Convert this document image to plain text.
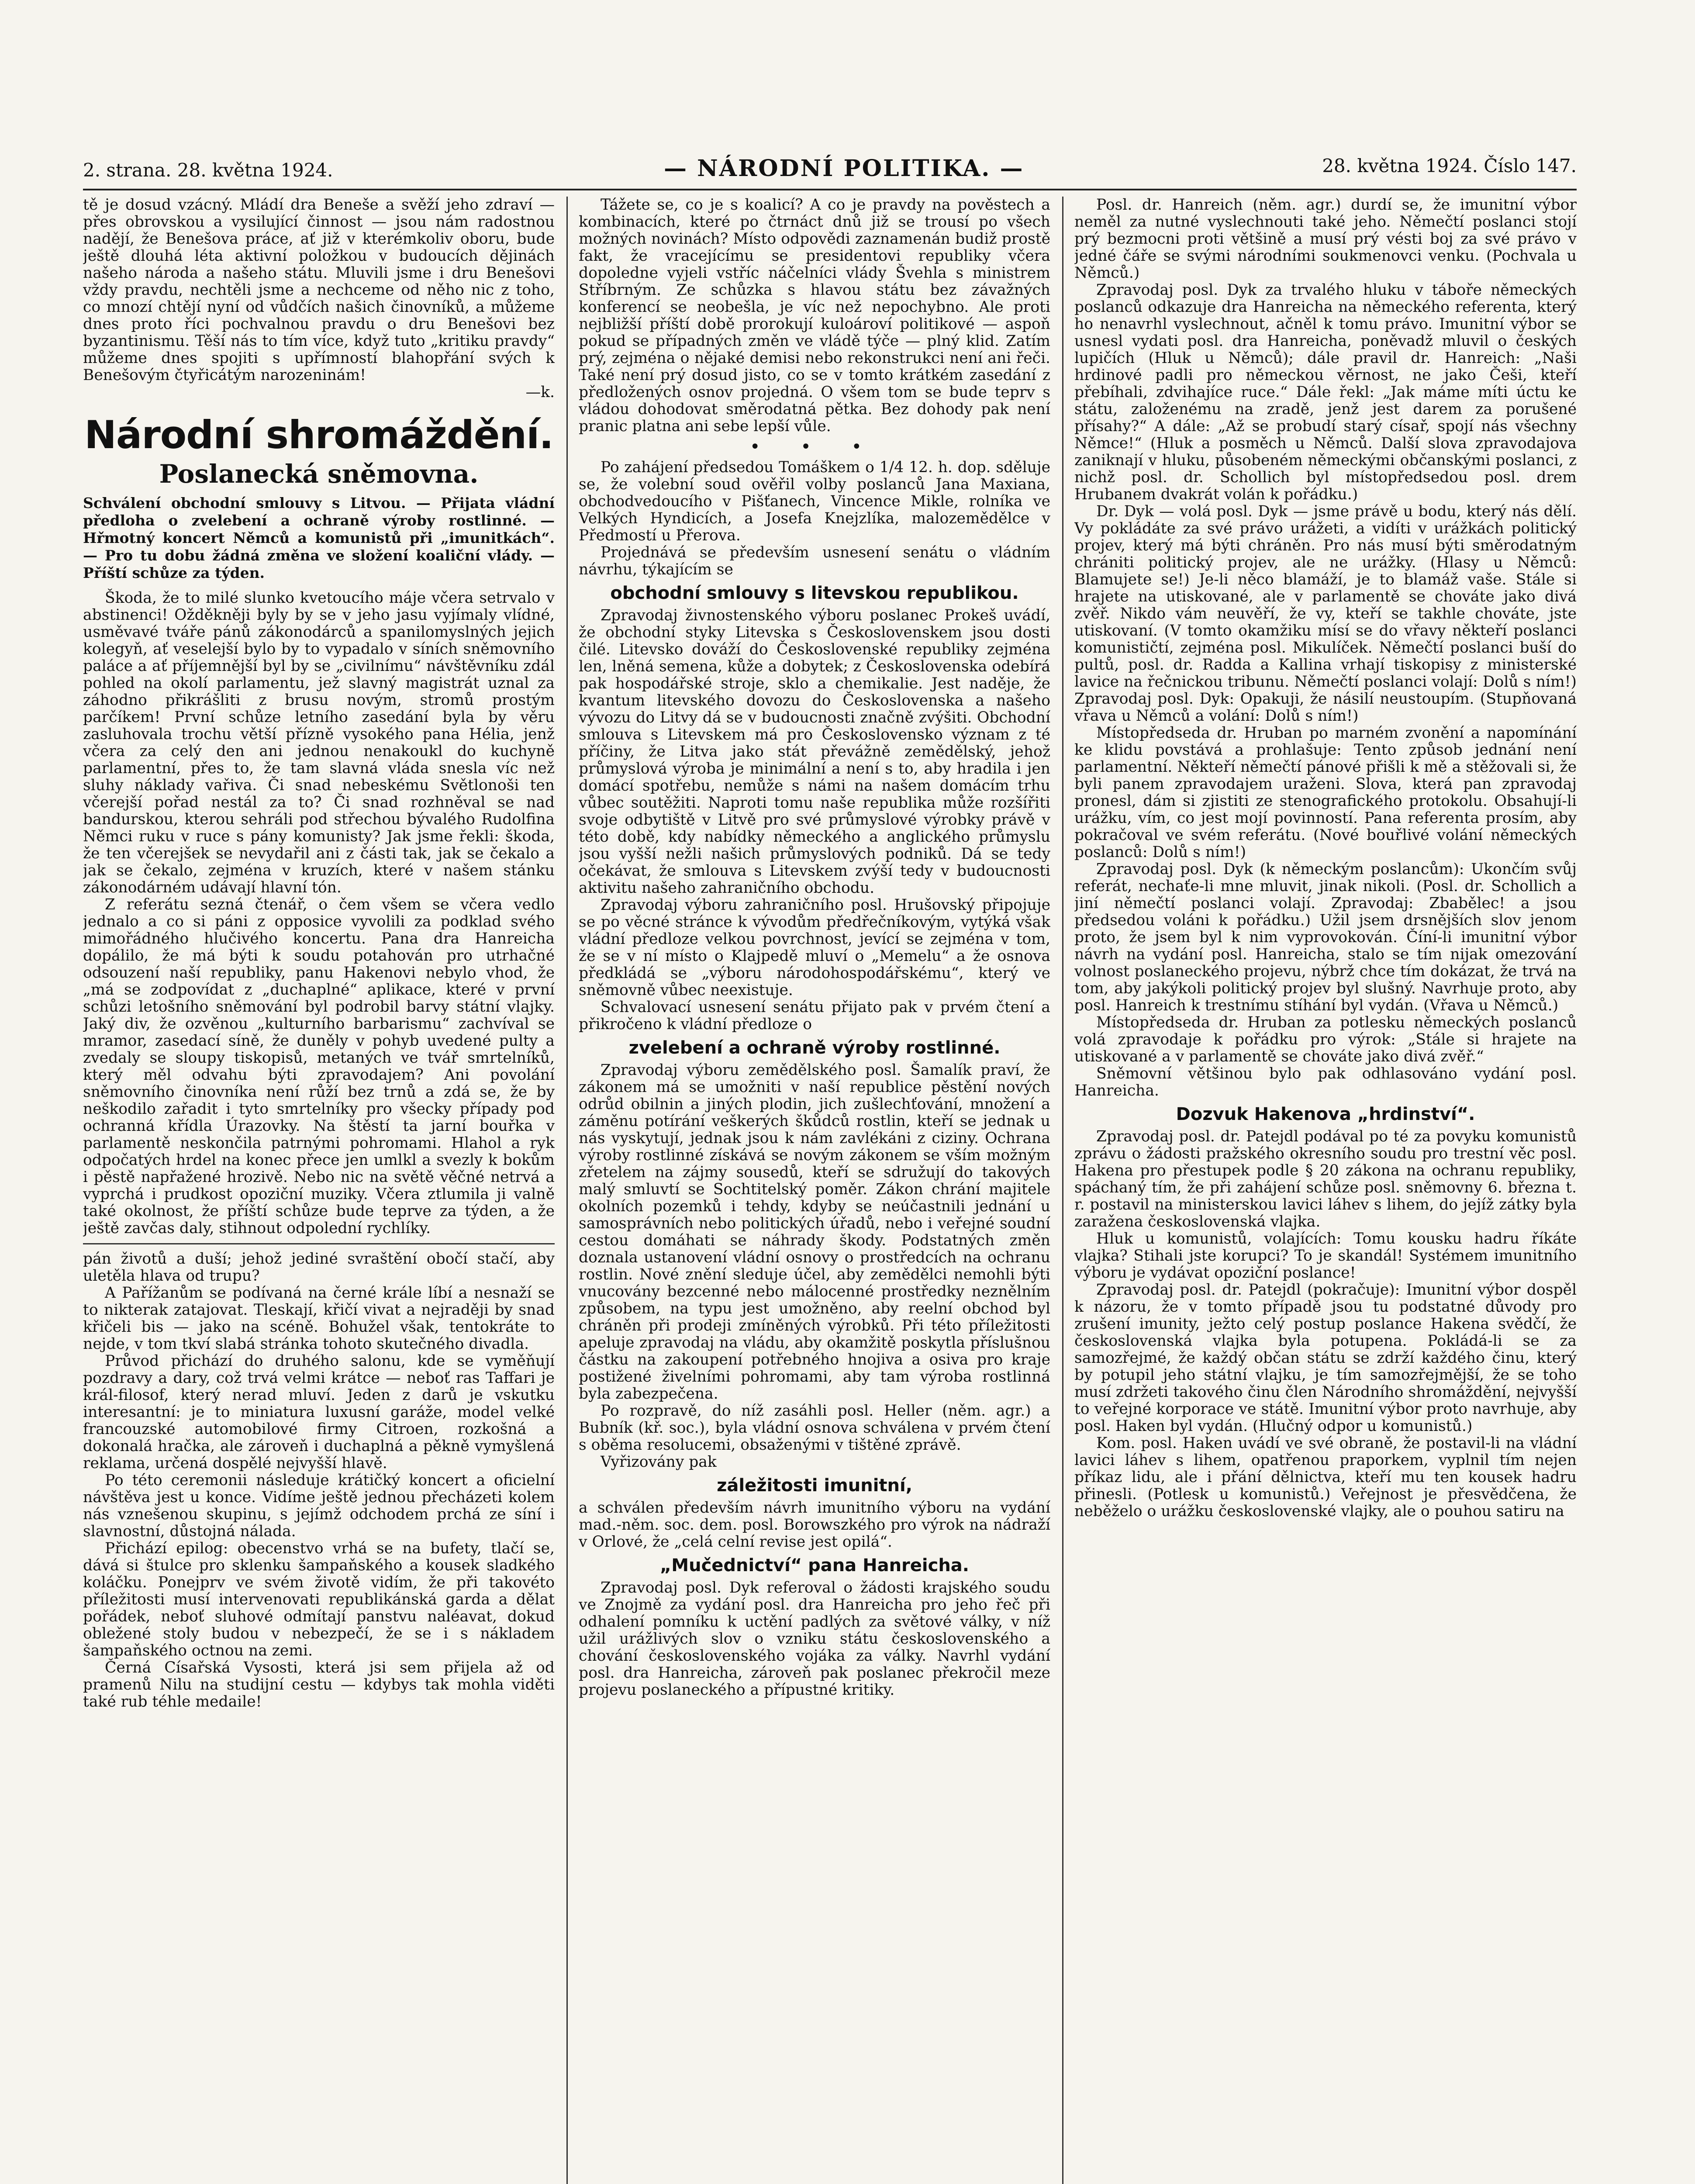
2. strana. 28. května 1924.	— NÁRODNÍ POLITIKA. —	28. května 1924. Číslo 147.

tě je dosud vzácný. Mládí dra Beneše a svěží jeho zdraví — přes obrovskou a vysilující činnost — jsou nám radostnou nadějí, že Benešova práce, ať již v kterémkoliv oboru, bude ještě dlouhá léta aktivní položkou v budoucích dějinách našeho národa a našeho státu. Mluvili jsme i dru Benešovi vždy pravdu, nechtěli jsme a nechceme od něho nic z toho, co mnozí chtějí nyní od vůdčích našich činovníků, a můžeme dnes proto říci pochvalnou pravdu o dru Benešovi bez byzantinismu. Těší nás to tím více, když tuto „kritiku pravdy“ můžeme dnes spojiti s upřímností blahopřání svých k Benešovým čtyřicátým narozeninám!

—k.
Národní shromáždění.
Poslanecká sněmovna.
Schválení obchodní smlouvy s Litvou. — Přijata vládní předloha o zvelebení a ochraně výroby rostlinné. — Hřmotný koncert Němců a komunistů při „imunitkách“. — Pro tu dobu žádná změna ve složení koaliční vlády. — Příští schůze za týden.

Škoda, že to milé slunko kvetoucího máje včera setrvalo v abstinenci! Ožděkněji byly by se v jeho jasu vyjímaly vlídné, usměvavé tváře pánů zákonodárců a spanilomyslných jejich kolegyň, ať veselejší bylo by to vypadalo v síních sněmovního paláce a ať příjemnější byl by se „civilnímu“ návštěvníku zdál pohled na okolí parlamentu, jež slavný magistrát uznal za záhodno přikrášliti z brusu novým, stromů prostým parčíkem! První schůze letního zasedání byla by věru zasluhovala trochu větší přízně vysokého pana Hélia, jenž včera za celý den ani jednou nenakoukl do kuchyně parlamentní, přes to, že tam slavná vláda snesla víc než sluhy náklady vařiva. Či snad nebeskému Světlonoši ten včerejší pořad nestál za to? Či snad rozhněval se nad bandurskou, kterou sehráli pod střechou bývalého Rudolfina Němci ruku v ruce s pány komunisty? Jak jsme řekli: škoda, že ten včerejšek se nevydařil ani z části tak, jak se čekalo a jak se čekalo, zejména v kruzích, které v našem stánku zákonodárném udávají hlavní tón.

Z referátu sezná čtenář, o čem všem se včera vedlo jednalo a co si páni z opposice vyvolili za podklad svého mimořádného hlučivého koncertu. Pana dra Hanreicha dopálilo, že má býti k soudu potahován pro utrhačné odsouzení naší republiky, panu Hakenovi nebylo vhod, že „má se zodpovídat z „duchaplné“ aplikace, které v první schůzi letošního sněmování byl podrobil barvy státní vlajky. Jaký div, že ozvěnou „kulturního barbarismu“ zachvíval se mramor, zasedací síně, že duněly v pohyb uvedené pulty a zvedaly se sloupy tiskopisů, metaných ve tvář smrtelníků, který měl odvahu býti zpravodajem? Ani povolání sněmovního činovníka není růží bez trnů a zdá se, že by neškodilo zařadit i tyto smrtelníky pro všecky případy pod ochranná křídla Úrazovky. Na štěstí ta jarní bouřka v parlamentě neskončila patrnými pohromami. Hlahol a ryk odpočatých hrdel na konec přece jen umlkl a svezly k bokům i pěstě napřažené hrozivě. Nebo nic na světě věčné netrvá a vyprchá i prudkost opoziční muziky. Včera ztlumila ji valně také okolnost, že příští schůze bude teprve za týden, a že ještě zavčas daly, stihnout odpolední rychlíky.

pán životů a duší; jehož jediné svraštění obočí stačí, aby uletěla hlava od trupu?

A Pařížanům se podívaná na černé krále líbí a nesnaží se to nikterak zatajovat. Tleskají, křičí vivat a nejraději by snad křičeli bis — jako na scéně. Bohužel však, tentokráte to nejde, v tom tkví slabá stránka tohoto skutečného divadla.

Průvod přichází do druhého salonu, kde se vyměňují pozdravy a dary, což trvá velmi krátce — neboť ras Taffari je král-filosof, který nerad mluví. Jeden z darů je vskutku interesantní: je to miniatura luxusní garáže, model velké francouzské automobilové firmy Citroen, rozkošná a dokonalá hračka, ale zároveň i duchaplná a pěkně vymyšlená reklama, určená dospělé nejvyšší hlavě.

Po této ceremonii následuje krátičký koncert a oficielní návštěva jest u konce. Vidíme ještě jednou přecházeti kolem nás vznešenou skupinu, s jejímž odchodem prchá ze síní i slavnostní, důstojná nálada.

Přichází epilog: obecenstvo vrhá se na bufety, tlačí se, dává si štulce pro sklenku šampaňského a kousek sladkého koláčku. Ponejprv ve svém životě vidím, že při takovéto příležitosti musí intervenovati republikánská garda a dělat pořádek, neboť sluhové odmítají panstvu naléavat, dokud obležené stoly budou v nebezpečí, že se i s nákladem šampaňského octnou na zemi.

Černá Císařská Vysosti, která jsi sem přijela až od pramenů Nilu na studijní cestu — kdybys tak mohla viděti také rub téhle medaile!

Tážete se, co je s koalicí? A co je pravdy na pověstech a kombinacích, které po čtrnáct dnů již se trousí po všech možných novinách? Místo odpovědi zaznamenán budiž prostě fakt, že vracejícímu se presidentovi republiky včera dopoledne vyjeli vstříc náčelníci vlády Švehla s ministrem Stříbrným. Ze schůzka s hlavou státu bez závažných konferencí se neobešla, je víc než nepochybno. Ale proti nejbližší příští době prorokují kuloároví politikové — aspoň pokud se případných změn ve vládě týče — plný klid. Zatím prý, zejména o nějaké demisi nebo rekonstrukci není ani řeči. Také není prý dosud jisto, co se v tomto krátkém zasedání z předložených osnov projedná. O všem tom se bude teprv s vládou dohodovat směrodatná pětka. Bez dohody pak není pranic platna ani sebe lepší vůle.

• • •

Po zahájení předsedou Tomáškem o 1/4 12. h. dop. sděluje se, že volební soud ověřil volby poslanců Jana Maxiana, obchodvedoucího v Pišťanech, Vincence Mikle, rolníka ve Velkých Hyndicích, a Josefa Knejzlíka, malozemědělce v Předmostí u Přerova.

Projednává se především usnesení senátu o vládním návrhu, týkajícím se

obchodní smlouvy s litevskou republikou.

Zpravodaj živnostenského výboru poslanec Prokeš uvádí, že obchodní styky Litevska s Československem jsou dosti čilé. Litevsko dováží do Československé republiky zejména len, lněná semena, kůže a dobytek; z Československa odebírá pak hospodářské stroje, sklo a chemikalie. Jest naděje, že kvantum litevského dovozu do Československa a našeho vývozu do Litvy dá se v budoucnosti značně zvýšiti. Obchodní smlouva s Litevskem má pro Československo význam z té příčiny, že Litva jako stát převážně zemědělský, jehož průmyslová výroba je minimální a není s to, aby hradila i jen domácí spotřebu, nemůže s námi na našem domácím trhu vůbec soutěžiti. Naproti tomu naše republika může rozšířiti svoje odbytiště v Litvě pro své průmyslové výrobky právě v této době, kdy nabídky německého a anglického průmyslu jsou vyšší nežli našich průmyslových podniků. Dá se tedy očekávat, že smlouva s Litevskem zvýší tedy v budoucnosti aktivitu našeho zahraničního obchodu.

Zpravodaj výboru zahraničního posl. Hrušovský připojuje se po věcné stránce k vývodům předřečníkovým, vytýká však vládní předloze velkou povrchnost, jevící se zejména v tom, že se v ní místo o Klajpedě mluví o „Memelu“ a že osnova předkládá se „výboru národohospodářskému“, který ve sněmovně vůbec neexistuje.

Schvalovací usnesení senátu přijato pak v prvém čtení a přikročeno k vládní předloze o

zvelebení a ochraně výroby rostlinné.

Zpravodaj výboru zemědělského posl. Šamalík praví, že zákonem má se umožniti v naší republice pěstění nových odrůd obilnin a jiných plodin, jich zušlechťování, množení a záměnu potírání veškerých škůdců rostlin, kteří se jednak u nás vyskytují, jednak jsou k nám zavlékáni z ciziny. Ochrana výroby rostlinné získává se novým zákonem se vším možným zřetelem na zájmy sousedů, kteří se sdružují do takových malý smluvtí se Sochtitelský poměr. Zákon chrání majitele okolních pozemků i tehdy, kdyby se neúčastnili jednání u samosprávních nebo politických úřadů, nebo i veřejné soudní cestou domáhati se náhrady škody. Podstatných změn doznala ustanovení vládní osnovy o prostředcích na ochranu rostlin. Nové znění sleduje účel, aby zemědělci nemohli býti vnucovány bezcenné nebo málocenné prostředky neznělním způsobem, na typu jest umožněno, aby reelní obchod byl chráněn při prodeji zmíněných výrobků. Při této příležitosti apeluje zpravodaj na vládu, aby okamžitě poskytla příslušnou částku na zakoupení potřebného hnojiva a osiva pro kraje postižené živelními pohromami, aby tam výroba rostlinná byla zabezpečena.

Po rozpravě, do níž zasáhli posl. Heller (něm. agr.) a Bubník (kř. soc.), byla vládní osnova schválena v prvém čtení s oběma resolucemi, obsaženými v tištěné zprávě.

Vyřizovány pak

záležitosti imunitní,

a schválen především návrh imunitního výboru na vydání mad.-něm. soc. dem. posl. Borowszkého pro výrok na nádraží v Orlové, že „celá celní revise jest opilá“.

„Mučednictví“ pana Hanreicha.

Zpravodaj posl. Dyk referoval o žádosti krajského soudu ve Znojmě za vydání posl. dra Hanreicha pro jeho řeč při odhalení pomníku k uctění padlých za světové války, v níž užil urážlivých slov o vzniku státu československého a chování československého vojáka za války. Navrhl vydání posl. dra Hanreicha, zároveň pak poslanec překročil meze projevu poslaneckého a přípustné kritiky.

Posl. dr. Hanreich (něm. agr.) durdí se, že imunitní výbor neměl za nutné vyslechnouti také jeho. Němečtí poslanci stojí prý bezmocni proti většině a musí prý vésti boj za své právo v jedné čáře se svými národními soukmenovci venku. (Pochvala u Němců.)

Zpravodaj posl. Dyk za trvalého hluku v táboře německých poslanců odkazuje dra Hanreicha na německého referenta, který ho nenavrhl vyslechnout, ačněl k tomu právo. Imunitní výbor se usnesl vydati posl. dra Hanreicha, poněvadž mluvil o českých lupičích (Hluk u Němců); dále pravil dr. Hanreich: „Naši hrdinové padli pro německou věrnost, ne jako Češi, kteří přebíhali, zdvihajíce ruce.“ Dále řekl: „Jak máme míti úctu ke státu, založenému na zradě, jenž jest darem za porušené přísahy?“ A dále: „Až se probudí starý císař, spojí nás všechny Němce!“ (Hluk a posměch u Němců. Další slova zpravodajova zaniknají v hluku, působeném německými občanskými poslanci, z nichž posl. dr. Schollich byl místopředsedou posl. drem Hrubanem dvakrát volán k pořádku.)

Dr. Dyk — volá posl. Dyk — jsme právě u bodu, který nás dělí. Vy pokládáte za své právo urážeti, a vidíti v urážkách politický projev, který má býti chráněn. Pro nás musí býti směrodatným chrániti politický projev, ale ne urážky. (Hlasy u Němců: Blamujete se!) Je-li něco blamáží, je to blamáž vaše. Stále si hrajete na utiskované, ale v parlamentě se chováte jako divá zvěř. Nikdo vám neuvěří, že vy, kteří se takhle chováte, jste utiskovaní. (V tomto okamžiku mísí se do vřavy někteří poslanci komunističtí, zejména posl. Mikulíček. Němečtí poslanci buší do pultů, posl. dr. Radda a Kallina vrhají tiskopisy z ministerské lavice na řečnickou tribunu. Němečtí poslanci volají: Dolů s ním!) Zpravodaj posl. Dyk: Opakuji, že násilí neustoupím. (Stupňovaná vřava u Němců a volání: Dolů s ním!)

Místopředseda dr. Hruban po marném zvonění a napomínání ke klidu povstává a prohlašuje: Tento způsob jednání není parlamentní. Někteří němečtí pánové přišli k mě a stěžovali si, že byli panem zpravodajem uraženi. Slova, která pan zpravodaj pronesl, dám si zjistiti ze stenografického protokolu. Obsahují-li urážku, vím, co jest mojí povinností. Pana referenta prosím, aby pokračoval ve svém referátu. (Nové bouřlivé volání německých poslanců: Dolů s ním!)

Zpravodaj posl. Dyk (k německým poslancům): Ukončím svůj referát, nechaťe-li mne mluvit, jinak nikoli. (Posl. dr. Schollich a jiní němečtí poslanci volají. Zpravodaj: Zbabělec! a jsou předsedou voláni k pořádku.) Užil jsem drsnějších slov jenom proto, že jsem byl k nim vyprovokován. Číní-li imunitní výbor návrh na vydání posl. Hanreicha, stalo se tím nijak omezování volnost poslaneckého projevu, nýbrž chce tím dokázat, že trvá na tom, aby jakýkoli politický projev byl slušný. Navrhuje proto, aby posl. Hanreich k trestnímu stíhání byl vydán. (Vřava u Němců.)

Místopředseda dr. Hruban za potlesku německých poslanců volá zpravodaje k pořádku pro výrok: „Stále si hrajete na utiskované a v parlamentě se chováte jako divá zvěř.“

Sněmovní většinou bylo pak odhlasováno vydání posl. Hanreicha.

Dozvuk Hakenova „hrdinství“.

Zpravodaj posl. dr. Patejdl podával po té za povyku komunistů zprávu o žádosti pražského okresního soudu pro trestní věc posl. Hakena pro přestupek podle § 20 zákona na ochranu republiky, spáchaný tím, že při zahájení schůze posl. sněmovny 6. března t. r. postavil na ministerskou lavici láhev s lihem, do jejíž zátky byla zaražena československá vlajka.

Hluk u komunistů, volajících: Tomu kousku hadru říkáte vlajka? Stihali jste korupci? To je skandál! Systémem imunitního výboru je vydávat opoziční poslance!

Zpravodaj posl. dr. Patejdl (pokračuje): Imunitní výbor dospěl k názoru, že v tomto případě jsou tu podstatné důvody pro zrušení imunity, ježto celý postup poslance Hakena svědčí, že československá vlajka byla potupena. Pokládá-li se za samozřejmé, že každý občan státu se zdrží každého činu, který by potupil jeho státní vlajku, je tím samozřejmější, že se toho musí zdržeti takového činu člen Národního shromáždění, nejvyšší to veřejné korporace ve státě. Imunitní výbor proto navrhuje, aby posl. Haken byl vydán. (Hlučný odpor u komunistů.)

Kom. posl. Haken uvádí ve své obraně, že postavil-li na vládní lavici láhev s lihem, opatřenou praporkem, vyplnil tím nejen příkaz lidu, ale i přání dělnictva, kteří mu ten kousek hadru přinesli. (Potlesk u komunistů.) Veřejnost je přesvědčena, že neběželo o urážku československé vlajky, ale o pouhou satiru na
